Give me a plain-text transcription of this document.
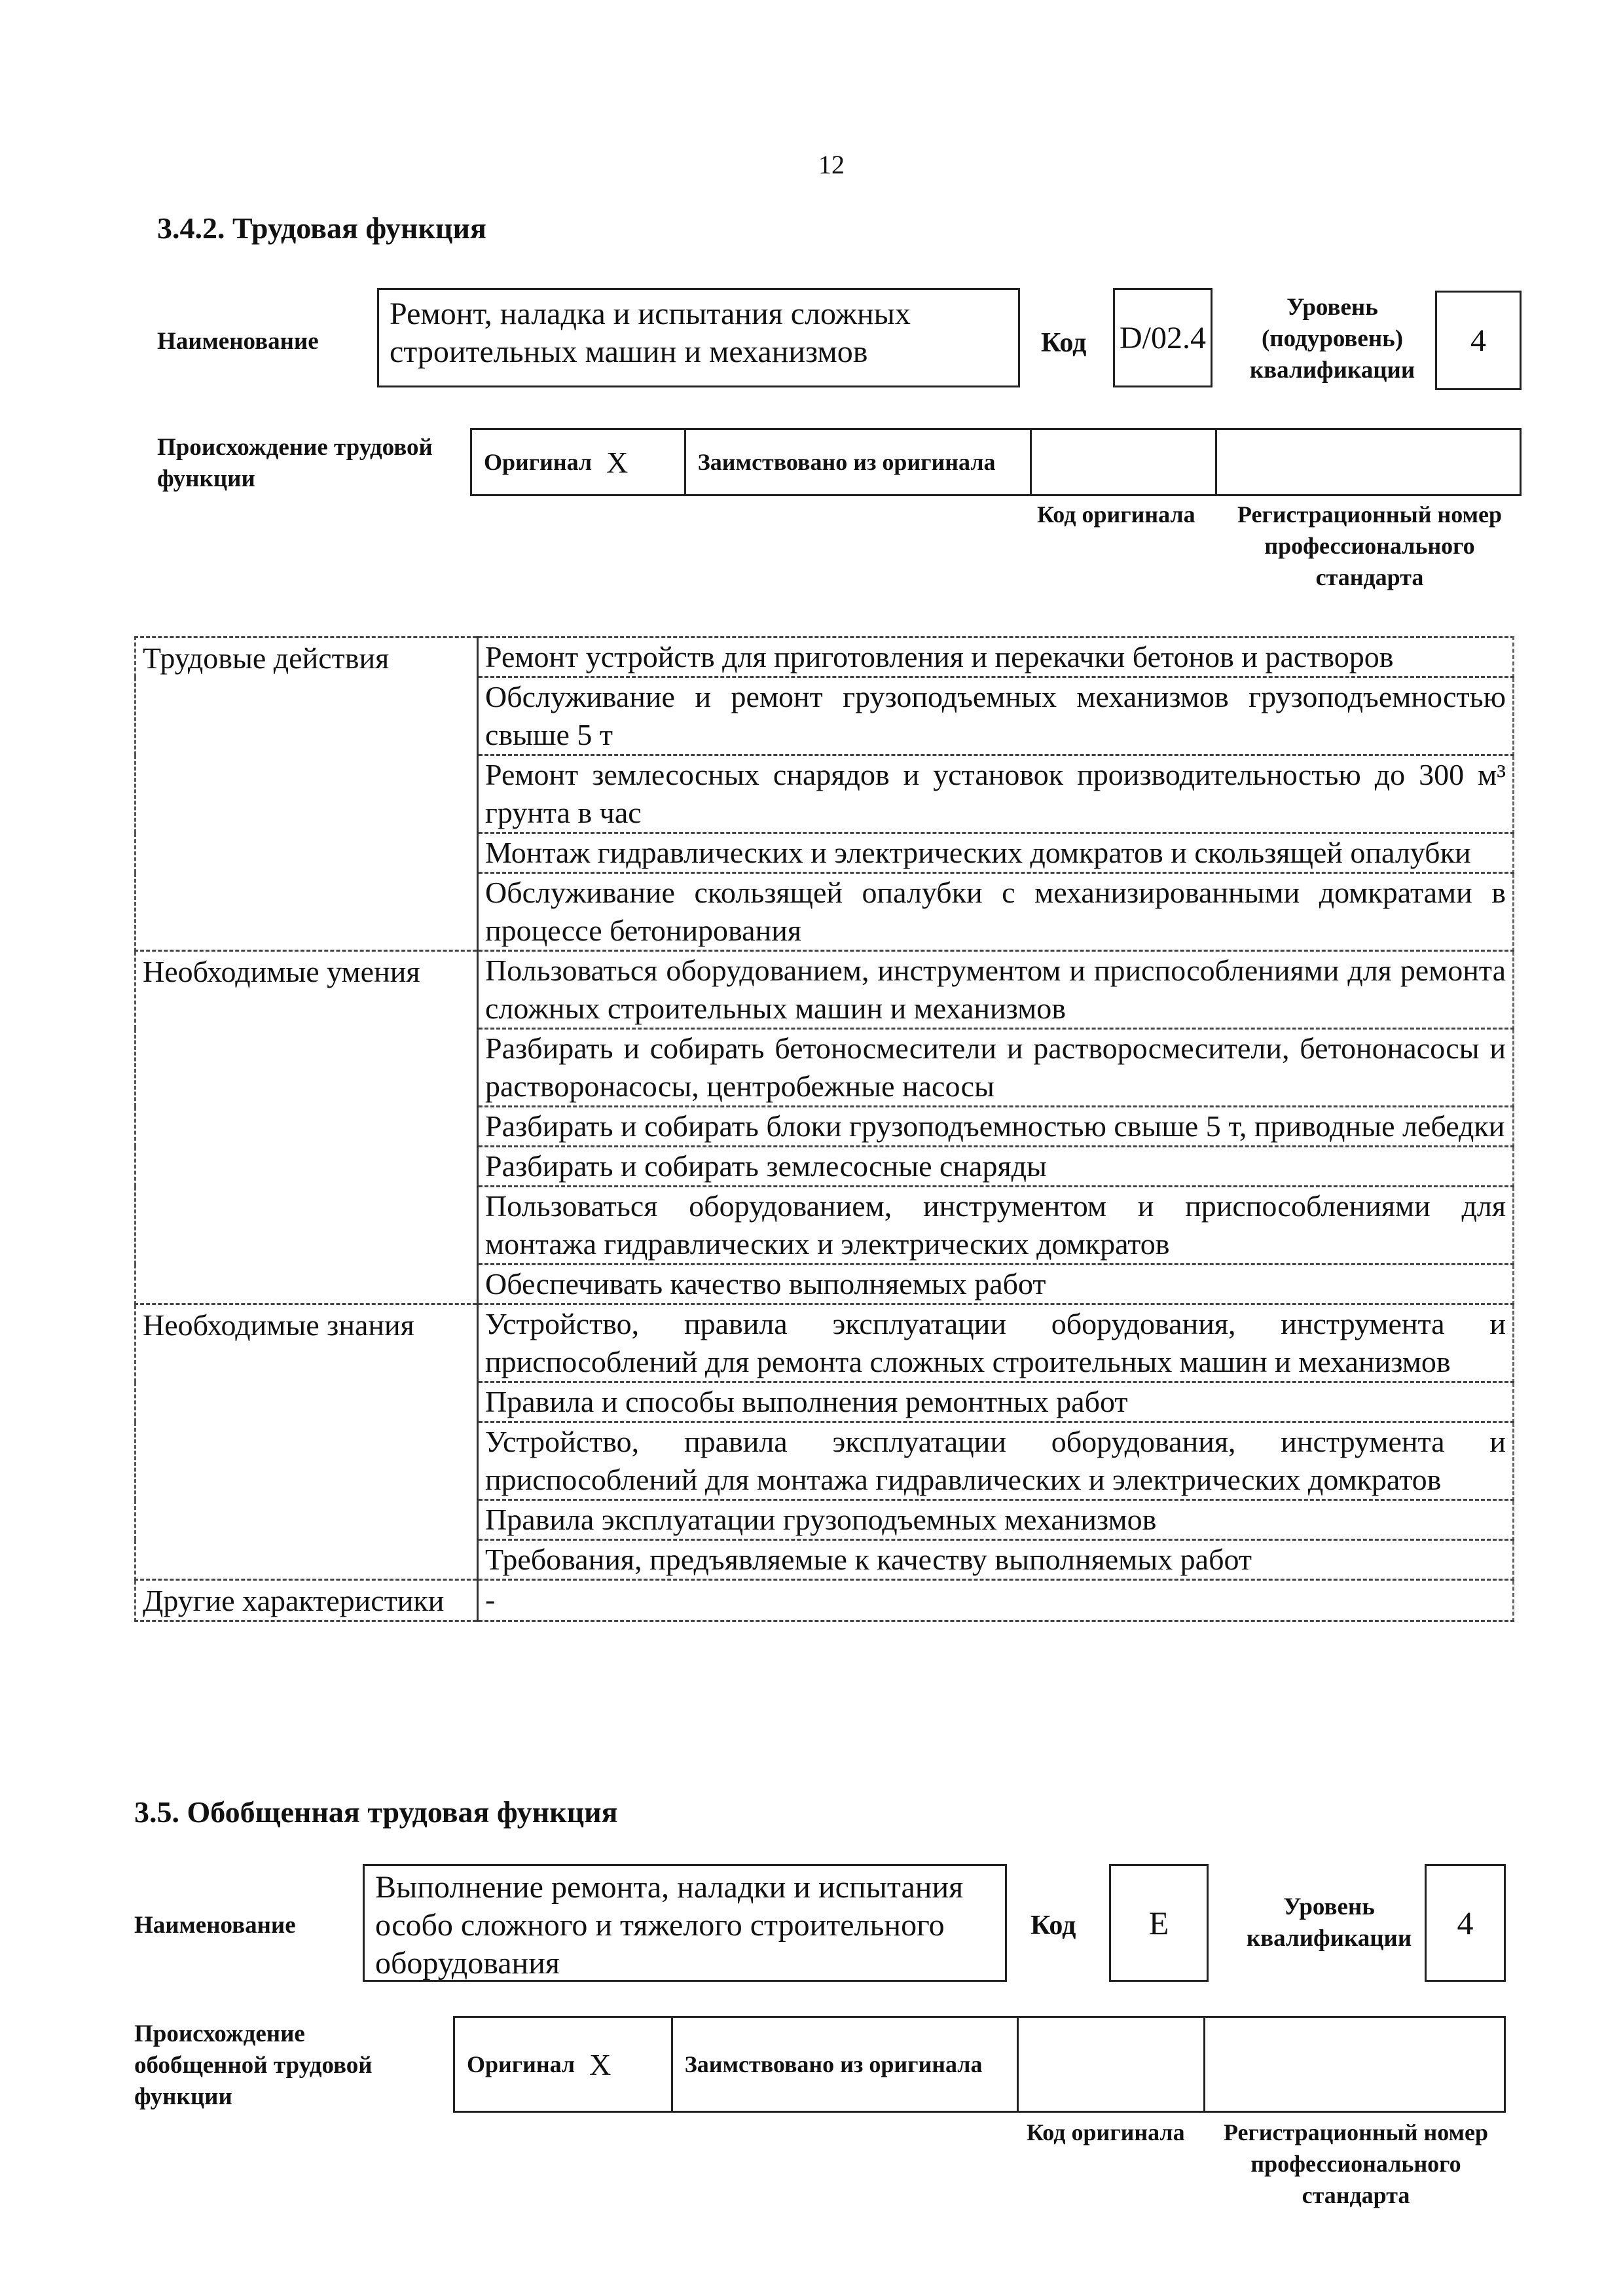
12
3.4.2. Трудовая функция
Наименование
Ремонт, наладка и испытания сложных строительных машин и механизмов	Код D/02.4
Уровень (подуровень) квалификации
4
Происхождение трудовой функции
Оригинал X	Заимствовано из оригинала
Код оригинала	Регистрационный номер профессионального стандарта
Трудовые действия	Ремонт устройств для приготовления и перекачки бетонов и растворов
	Обслуживание и ремонт грузоподъемных механизмов грузоподъемностью свыше 5 т
	Ремонт землесосных снарядов и установок производительностью до 300 м³ грунта в час
	Монтаж гидравлических и электрических домкратов и скользящей опалубки
	Обслуживание скользящей опалубки с механизированными домкратами в процессе бетонирования
Необходимые умения	Пользоваться оборудованием, инструментом и приспособлениями для ремонта сложных строительных машин и механизмов
	Разбирать и собирать бетоносмесители и растворосмесители, бетононасосы и растворонасосы, центробежные насосы
	Разбирать и собирать блоки грузоподъемностью свыше 5 т, приводные лебедки
	Разбирать и собирать землесосные снаряды
	Пользоваться оборудованием, инструментом и приспособлениями для монтажа гидравлических и электрических домкратов
	Обеспечивать качество выполняемых работ
Необходимые знания	Устройство, правила эксплуатации оборудования, инструмента и приспособлений для ремонта сложных строительных машин и механизмов
	Правила и способы выполнения ремонтных работ
	Устройство, правила эксплуатации оборудования, инструмента и приспособлений для монтажа гидравлических и электрических домкратов
	Правила эксплуатации грузоподъемных механизмов
	Требования, предъявляемые к качеству выполняемых работ
Другие характеристики	-
3.5. Обобщенная трудовая функция
Наименование
Выполнение ремонта, наладки и испытания особо сложного и тяжелого строительного оборудования
Код E	Уровень квалификации	4
Происхождение обобщенной трудовой функции
Оригинал X	Заимствовано из оригинала
Код оригинала	Регистрационный номер профессионального стандарта
